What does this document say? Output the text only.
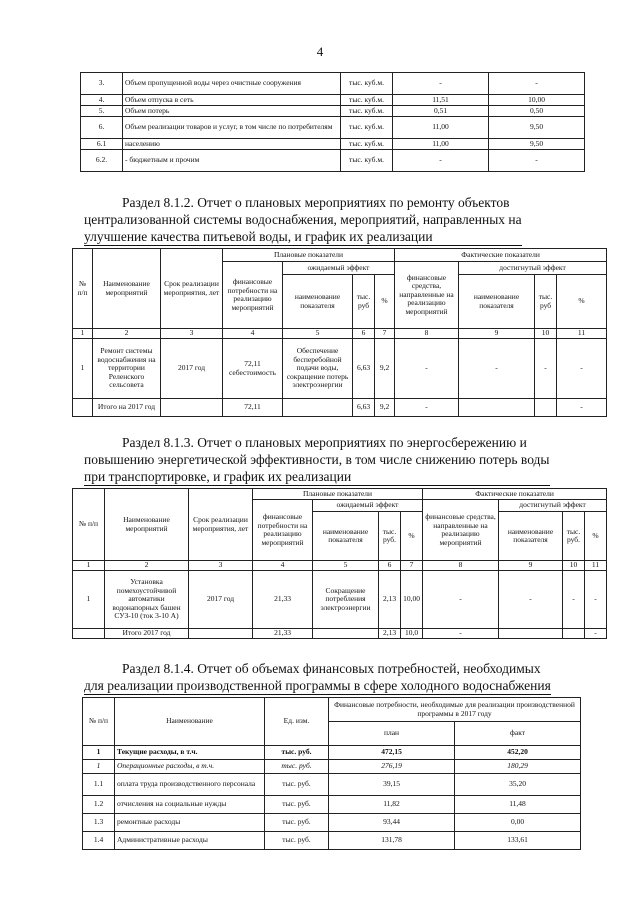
4
3.	Объем пропущенной воды через очистные сооружения	тыс. куб.м.	-	-
4.	Объем отпуска в сеть	тыс. куб.м.	11,51	10,00
5.	Объем потерь	тыс. куб.м.	0,51	0,50
6.	Объем реализации товаров и услуг, в том числе по потребителям	тыс. куб.м.	11,00	9,50
6.1	населению	тыс. куб.м.	11,00	9,50
6.2.	- бюджетным и прочим	тыс. куб.м.	-	-
Раздел 8.1.2. Отчет о плановых мероприятиях по ремонту объектов
централизованной системы водоснабжения, мероприятий, направленных на
улучшение качества питьевой воды, и график их реализации
№ п/п	Наименование мероприятий	Срок реализации мероприятия, лет	Плановые показатели				Фактические показатели			
			финансовые потребности на реализацию мероприятий	ожидаемый эффект			финансовые средства, направленные на реализацию мероприятий	достигнутый эффект		
				наименование показателя	тыс. руб	%		наименование показателя	тыс. руб	%
1	2	3	4	5	6	7	8	9	10	11
1	Ремонт системы водоснабжения на территории Реленского сельсовета	2017 год	72,11 себестоимость	Обеспечение бесперебойной подачи воды, сокращение потерь электроэнергии	6,63	9,2	-	-	-	-
	Итого на 2017 год		72,11		6,63	9,2	-			-
Раздел 8.1.3. Отчет о плановых мероприятиях по энергосбережению и
повышению энергетической эффективности, в том числе снижению потерь воды
при транспортировке, и график их реализации
№ п/п	Наименование мероприятий	Срок реализации мероприятия, лет	Плановые показатели				Фактические показатели			
			финансовые потребности на реализацию мероприятий	ожидаемый эффект			финансовые средства, направленные на реализацию мероприятий	достигнутый эффект		
				наименование показателя	тыс. руб.	%		наименование показателя	тыс. руб.	%
1	2	3	4	5	6	7	8	9	10	11
1	Установка помехоустойчивой автоматики водонапорных башен СУЗ-10 (ток 3-10 А)	2017 год	21,33	Сокращение потребления электроэнергии	2,13	10,00	-	-	-	-
	Итого 2017 год		21,33		2,13	10,0	-			-
Раздел 8.1.4. Отчет об объемах финансовых потребностей, необходимых
для реализации производственной программы в сфере холодного водоснабжения
№ п/п	Наименование	Ед. изм.	Финансовые потребности, необходимые для реализации производственной программы в 2017 году	
			план	факт
1	Текущие расходы, в т.ч.	тыс. руб.	472,15	452,20
1	Операционные расходы, в т.ч.	тыс. руб.	276,19	180,29
1.1	оплата труда производственного персонала	тыс. руб.	39,15	35,20
1.2	отчисления на социальные нужды	тыс. руб.	11,82	11,48
1.3	ремонтные расходы	тыс. руб.	93,44	0,00
1.4	Административные расходы	тыс. руб.	131,78	133,61
